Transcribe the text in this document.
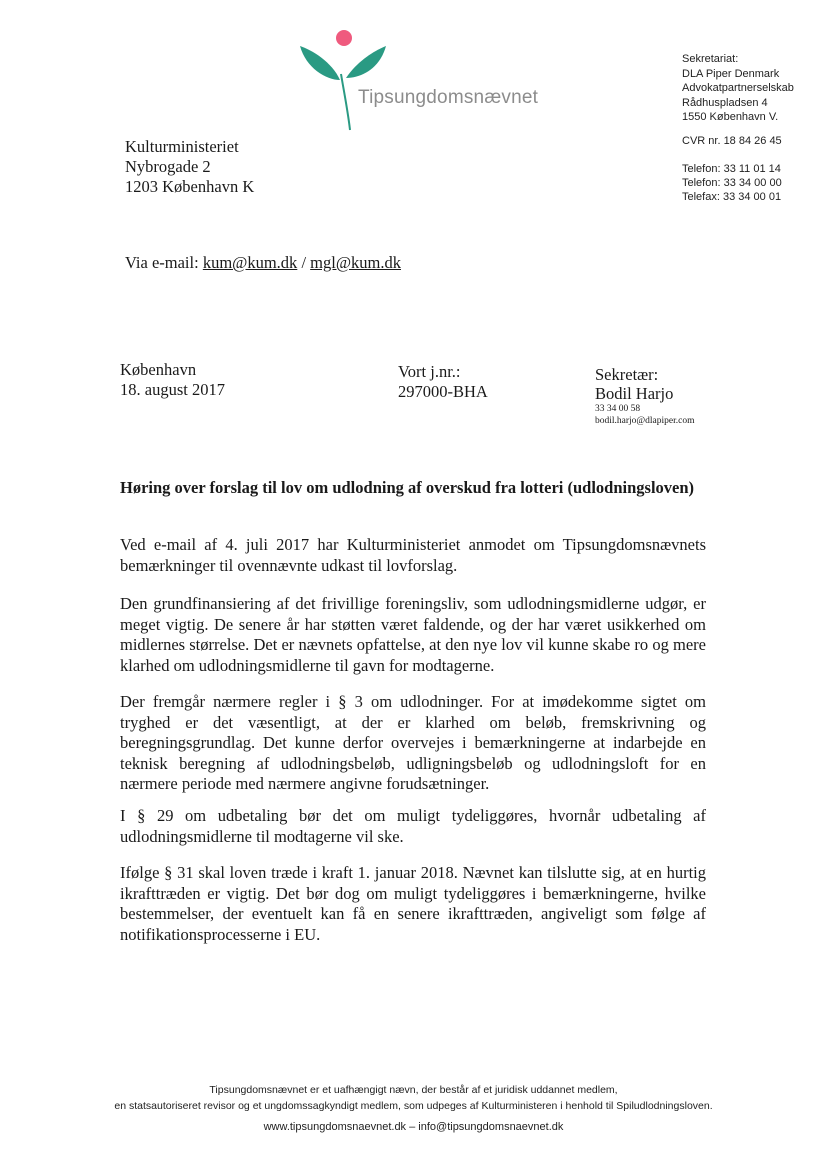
Tipsungdomsnævnet
Sekretariat:
DLA Piper Denmark
Advokatpartnerselskab
Rådhuspladsen 4
1550 København V.
CVR nr. 18 84 26 45
Telefon: 33 11 01 14
Telefon: 33 34 00 00
Telefax: 33 34 00 01
Kulturministeriet
Nybrogade 2
1203 København K
Via e-mail: kum@kum.dk / mgl@kum.dk
København
18. august 2017
Vort j.nr.:
297000-BHA
Sekretær:
Bodil Harjo
33 34 00 58
bodil.harjo@dlapiper.com
Høring over forslag til lov om udlodning af overskud fra lotteri (udlodningsloven)
Ved e-mail af 4. juli 2017 har Kulturministeriet anmodet om Tipsungdomsnævnets bemærkninger til ovennævnte udkast til lovforslag.
Den grundfinansiering af det frivillige foreningsliv, som udlodningsmidlerne udgør, er meget vigtig. De senere år har støtten været faldende, og der har været usikkerhed om midlernes størrelse. Det er nævnets opfattelse, at den nye lov vil kunne skabe ro og mere klarhed om udlodningsmidlerne til gavn for modtagerne.
Der fremgår nærmere regler i § 3 om udlodninger. For at imødekomme sigtet om tryghed er det væsentligt, at der er klarhed om beløb, fremskrivning og beregningsgrundlag. Det kunne derfor overvejes i bemærkningerne at indarbejde en teknisk beregning af udlodningsbeløb, udligningsbeløb og udlodningsloft for en nærmere periode med nærmere angivne forudsætninger.
I § 29 om udbetaling bør det om muligt tydeliggøres, hvornår udbetaling af udlodningsmidlerne til modtagerne vil ske.
Ifølge § 31 skal loven træde i kraft 1. januar 2018. Nævnet kan tilslutte sig, at en hurtig ikrafttræden er vigtig. Det bør dog om muligt tydeliggøres i bemærkningerne, hvilke bestemmelser, der eventuelt kan få en senere ikrafttræden, angiveligt som følge af notifikationsprocesserne i EU.
Tipsungdomsnævnet er et uafhængigt nævn, der består af et juridisk uddannet medlem,
en statsautoriseret revisor og et ungdomssagkyndigt medlem, som udpeges af Kulturministeren i henhold til Spiludlodningsloven.
www.tipsungdomsnaevnet.dk – info@tipsungdomsnaevnet.dk
